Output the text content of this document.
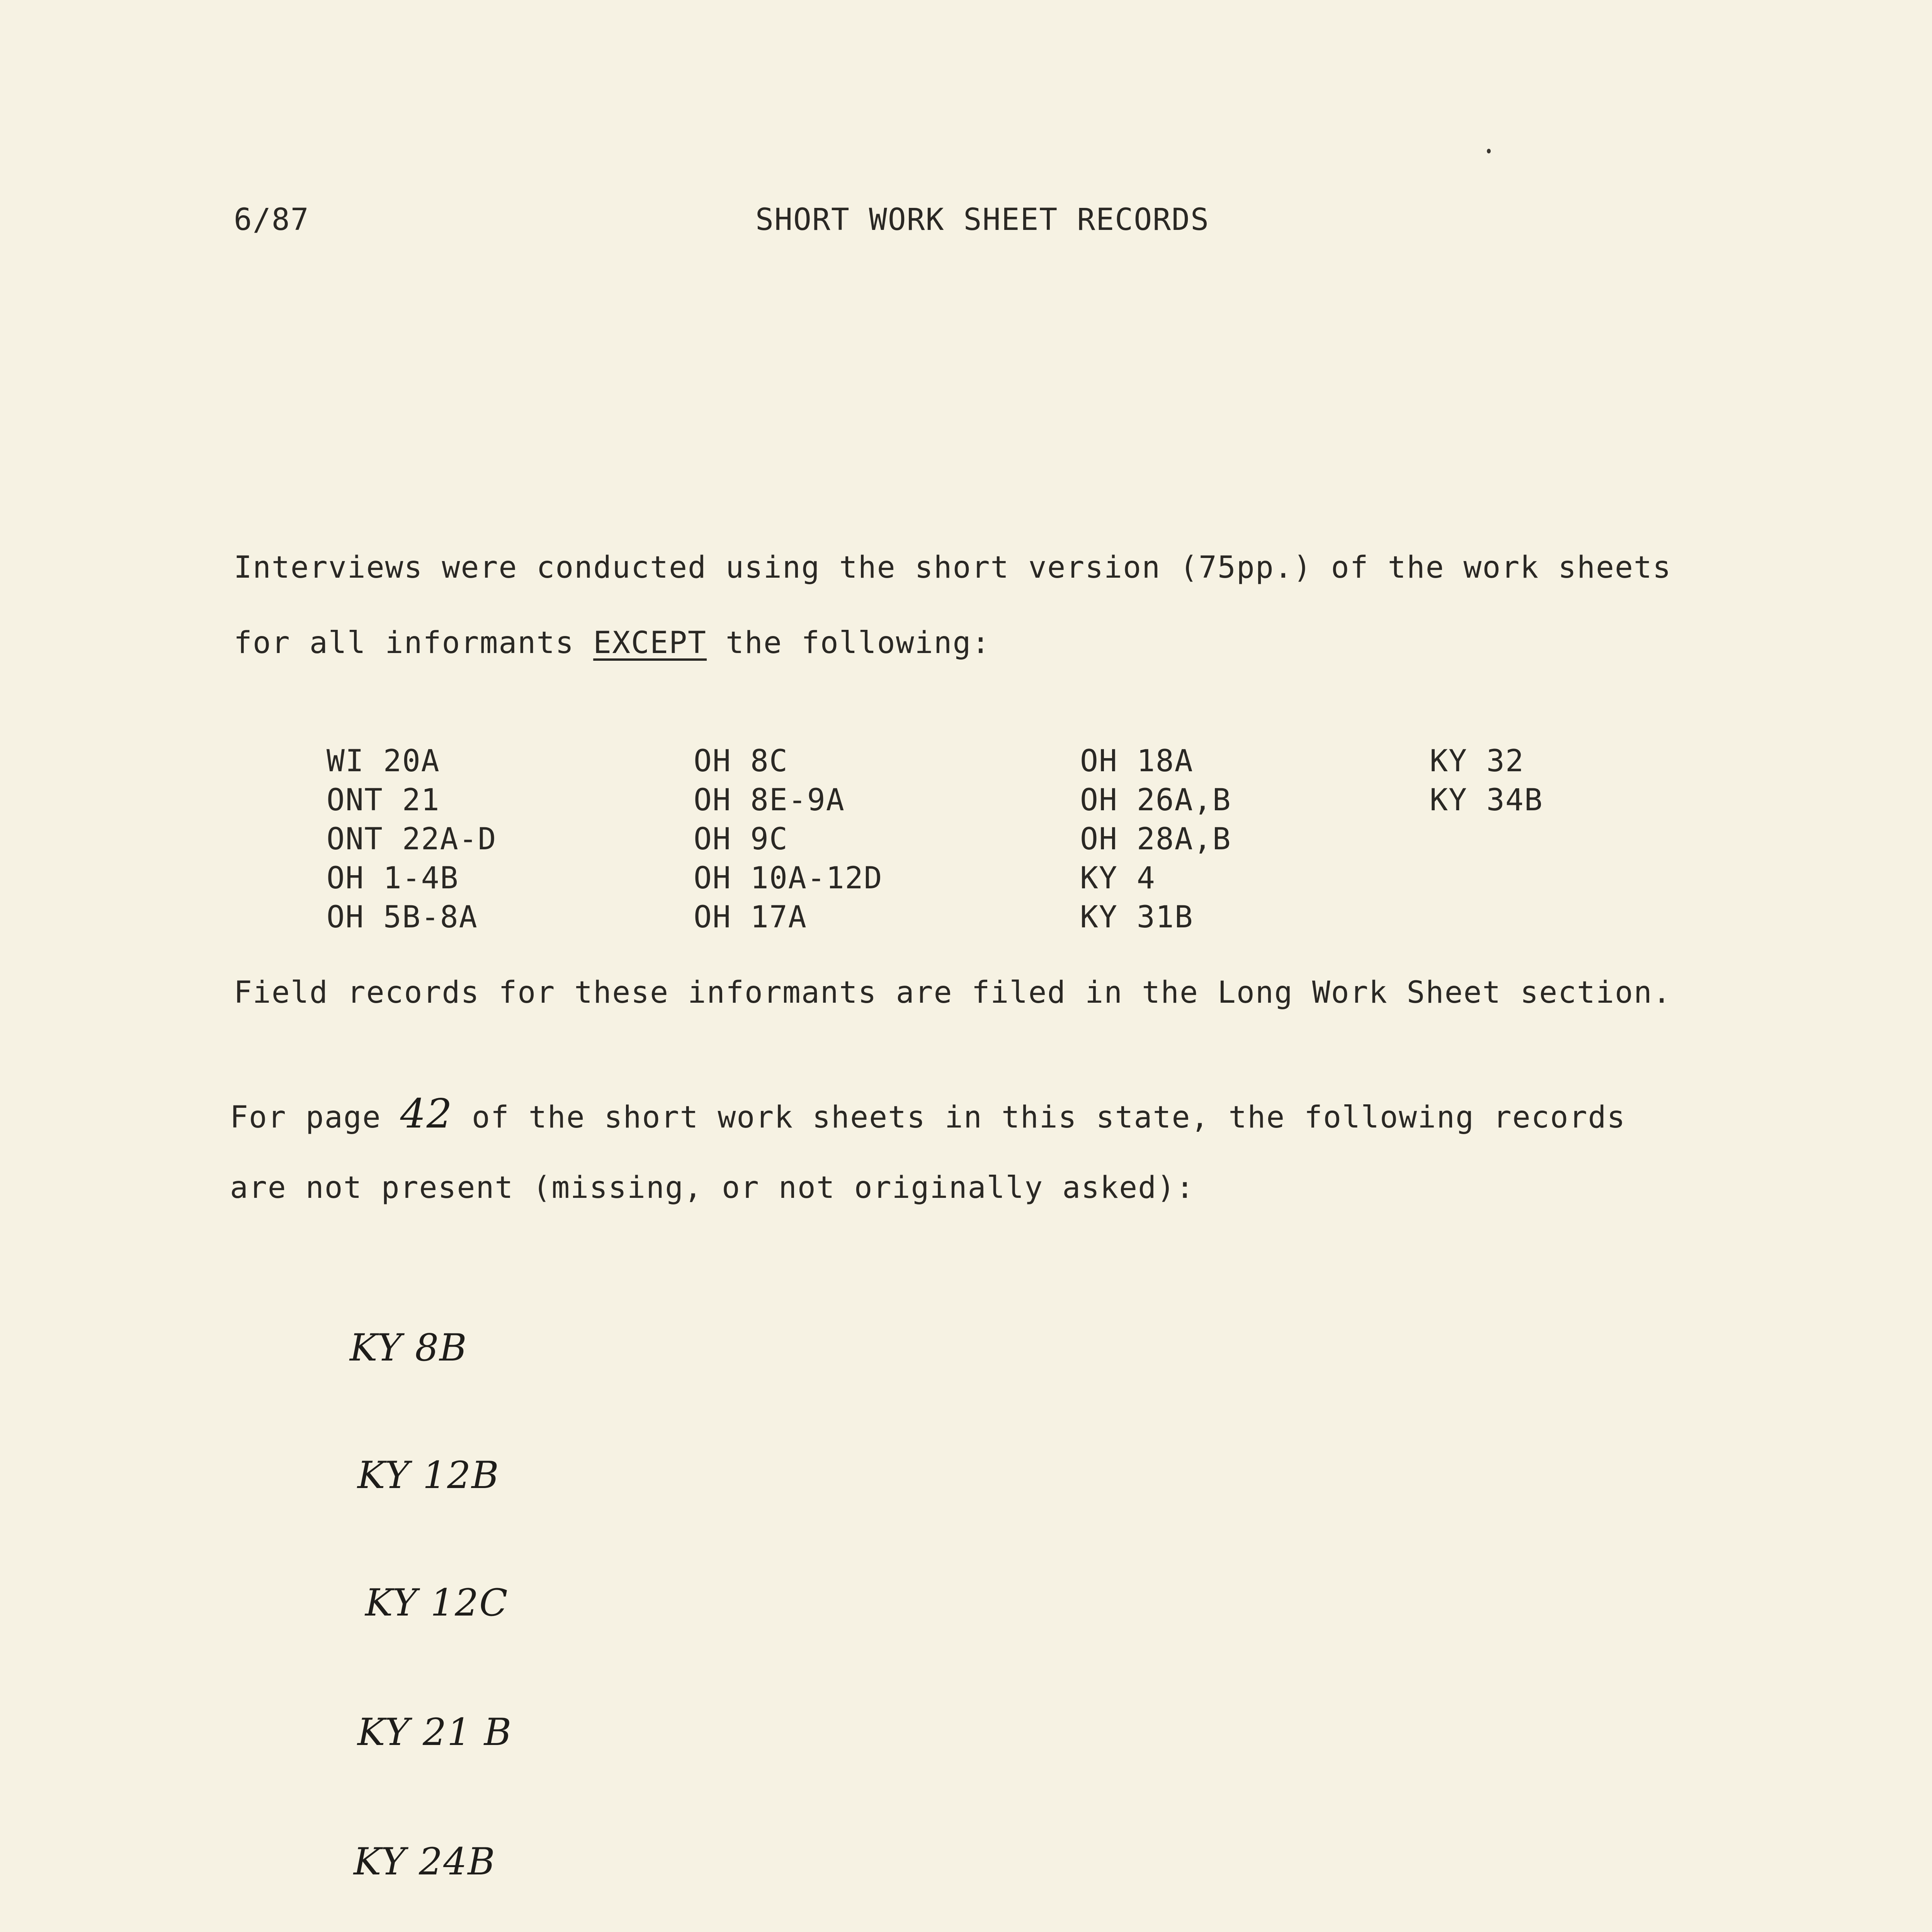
6/87	SHORT WORK SHEET RECORDS
Interviews were conducted using the short version (75pp.) of the work sheets
for all informants EXCEPT the following:
WI 20A
ONT 21
ONT 22A-D
OH 1-4B
OH 5B-8A
OH 8C
OH 8E-9A
OH 9C
OH 10A-12D
OH 17A
OH 18A
OH 26A,B
OH 28A,B
KY 4
KY 31B
KY 32
KY 34B
Field records for these informants are filed in the Long Work Sheet section.
For page 42 of the short work sheets in this state, the following records
are not present (missing, or not originally asked):
KY 8B
KY 12B
KY 12C
KY 21 B
KY 24B
